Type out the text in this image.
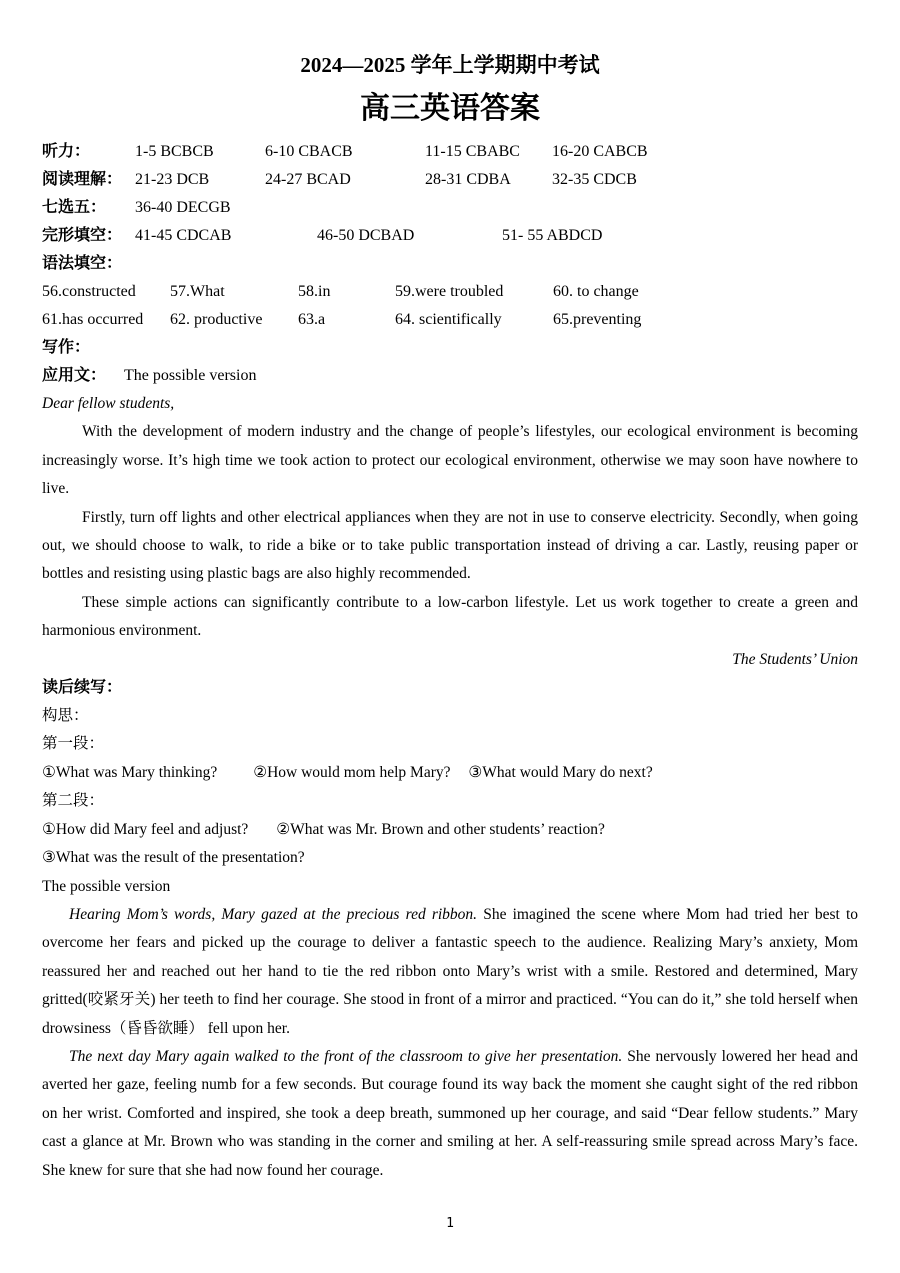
2024—2025 学年上学期期中考试
高三英语答案
听力：	1-5 BCBCB	6-10 CBACB	11-15 CBABC	16-20 CABCB
阅读理解： 21-23 DCB	24-27 BCAD	28-31 CDBA	32-35 CDCB
七选五：	36-40 DECGB
完形填空： 41-45 CDCAB	46-50 DCBAD	51- 55 ABDCD
语法填空：
56.constructed	57.What	58.in	59.were troubled	60. to change
61.has occurred	62. productive	63.a	64. scientifically	65.preventing
写作：
应用文： The possible version
Dear fellow students,

With the development of modern industry and the change of people’s lifestyles, our ecological environment is becoming increasingly worse. It’s high time we took action to protect our ecological environment, otherwise we may soon have nowhere to live.

Firstly, turn off lights and other electrical appliances when they are not in use to conserve electricity. Secondly, when going out, we should choose to walk, to ride a bike or to take public transportation instead of driving a car. Lastly, reusing paper or bottles and resisting using plastic bags are also highly recommended.

These simple actions can significantly contribute to a low-carbon lifestyle. Let us work together to create a green and harmonious environment.

The Students’ Union
读后续写：
构思：
第一段：
①What was Mary thinking? ②How would mom help Mary? ③What would Mary do next?
第二段：
①How did Mary feel and adjust? ②What was Mr. Brown and other students’ reaction?
③What was the result of the presentation?
The possible version

Hearing Mom’s words, Mary gazed at the precious red ribbon. She imagined the scene where Mom had tried her best to overcome her fears and picked up the courage to deliver a fantastic speech to the audience. Realizing Mary’s anxiety, Mom reassured her and reached out her hand to tie the red ribbon onto Mary’s wrist with a smile. Restored and determined, Mary gritted(咬紧牙关) her teeth to find her courage. She stood in front of a mirror and practiced. “You can do it,” she told herself when drowsiness（昏昏欲睡） fell upon her.

The next day Mary again walked to the front of the classroom to give her presentation. She nervously lowered her head and averted her gaze, feeling numb for a few seconds. But courage found its way back the moment she caught sight of the red ribbon on her wrist. Comforted and inspired, she took a deep breath, summoned up her courage, and said “Dear fellow students.” Mary cast a glance at Mr. Brown who was standing in the corner and smiling at her. A self-reassuring smile spread across Mary’s face. She knew for sure that she had now found her courage.

1
